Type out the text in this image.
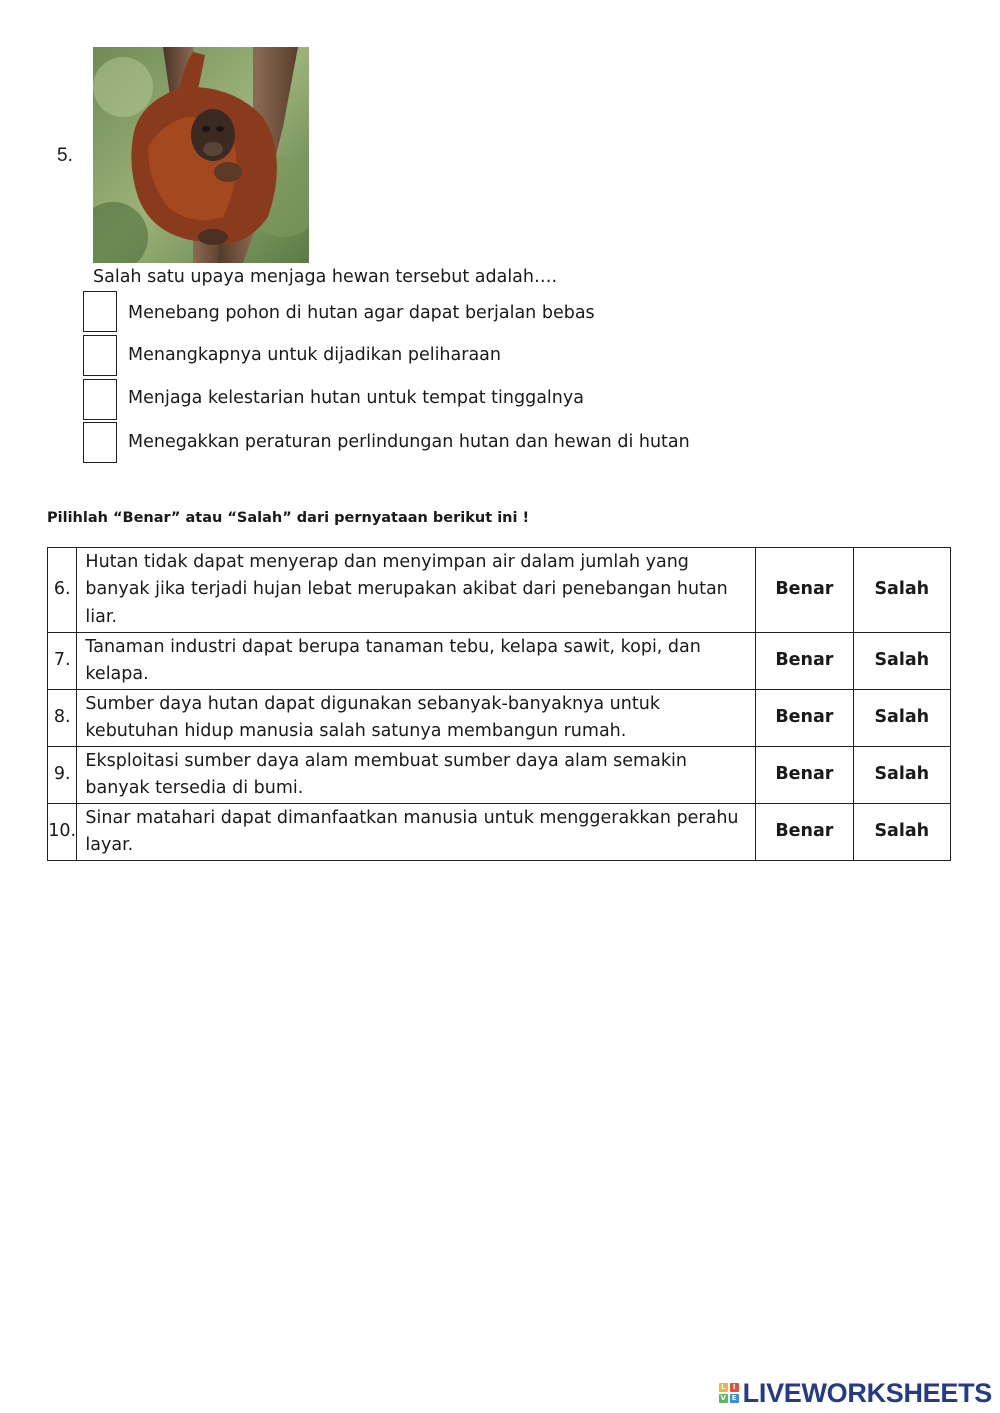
5.
Salah satu upaya menjaga hewan tersebut adalah….
Menebang pohon di hutan agar dapat berjalan bebas
Menangkapnya untuk dijadikan peliharaan
Menjaga kelestarian hutan untuk tempat tinggalnya
Menegakkan peraturan perlindungan hutan dan hewan di hutan
Pilihlah “Benar” atau “Salah” dari pernyataan berikut ini !
6.	Hutan tidak dapat menyerap dan menyimpan air dalam jumlah yang banyak jika terjadi hujan lebat merupakan akibat dari penebangan hutan liar.	Benar	Salah
7.	Tanaman industri dapat berupa tanaman tebu, kelapa sawit, kopi, dan kelapa.	Benar	Salah
8.	Sumber daya hutan dapat digunakan sebanyak-banyaknya untuk kebutuhan hidup manusia salah satunya membangun rumah.	Benar	Salah
9.	Eksploitasi sumber daya alam membuat sumber daya alam semakin banyak tersedia di bumi.	Benar	Salah
10.	Sinar matahari dapat dimanfaatkan manusia untuk menggerakkan perahu layar.	Benar	Salah
L	I
V E LIVEWORKSHEETS
